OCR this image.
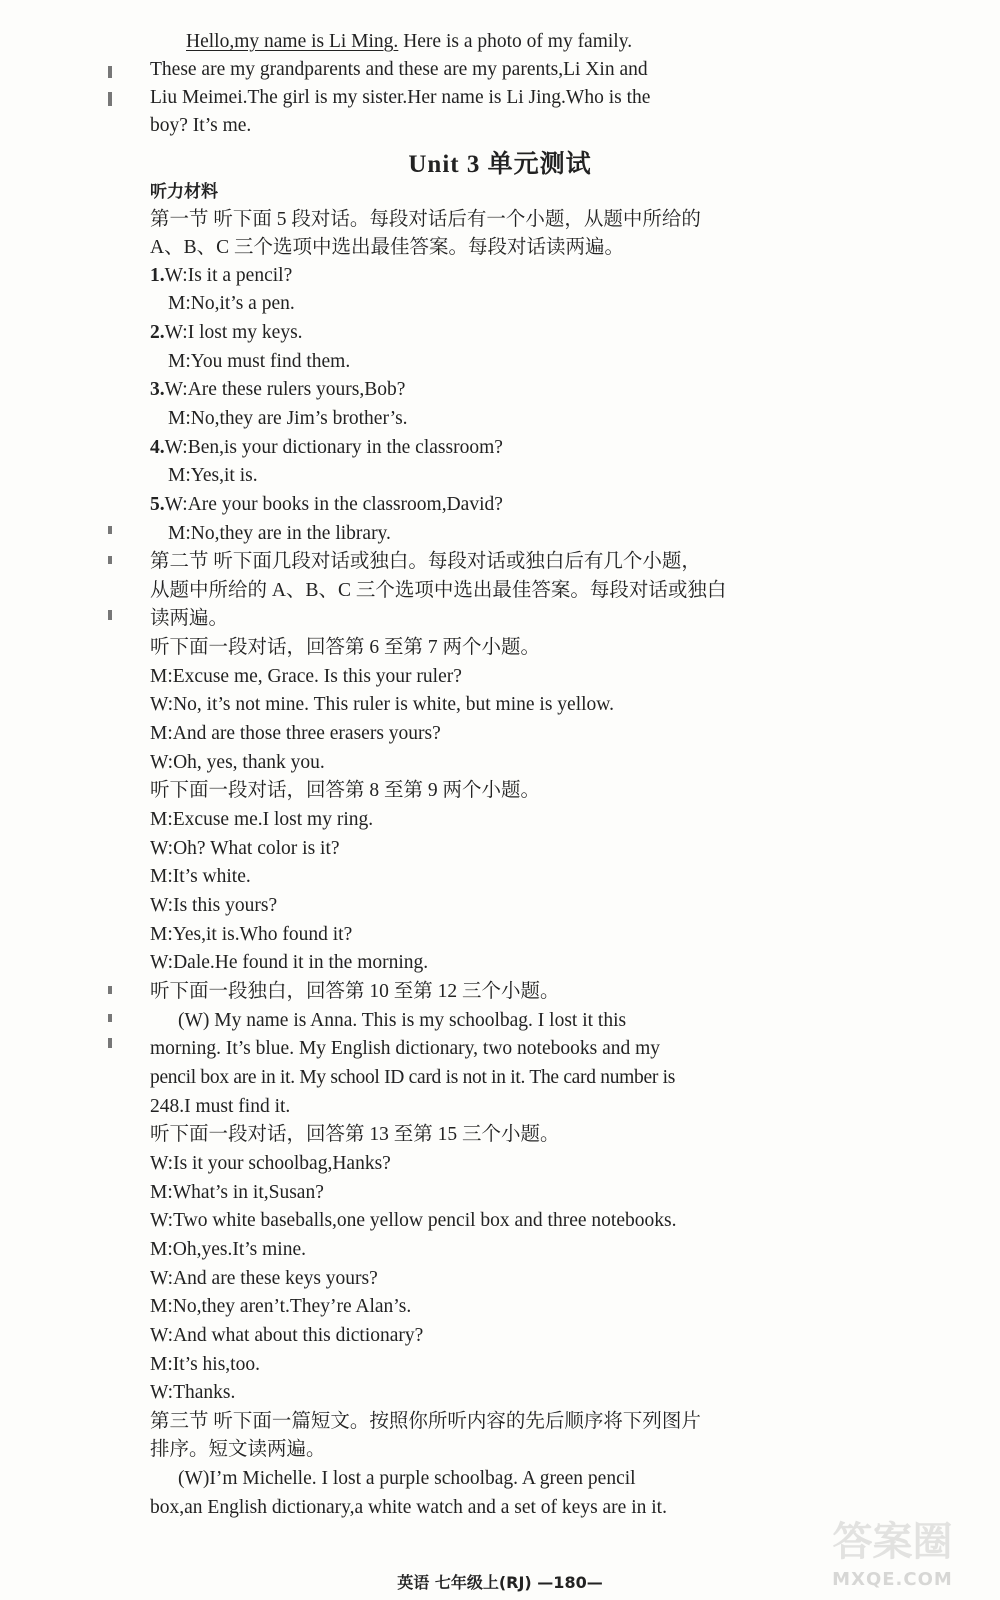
Hello,my name is Li Ming. Here is a photo of my family.
These are my grandparents and these are my parents,Li Xin and
Liu Meimei.The girl is my sister.Her name is Li Jing.Who is the
boy? It’s me.
Unit 3 单元测试
听力材料
第一节 听下面 5 段对话。每段对话后有一个小题，从题中所给的
A、B、C 三个选项中选出最佳答案。每段对话读两遍。
1.W:Is it a pencil?
M:No,it’s a pen.
2.W:I lost my keys.
M:You must find them.
3.W:Are these rulers yours,Bob?
M:No,they are Jim’s brother’s.
4.W:Ben,is your dictionary in the classroom?
M:Yes,it is.
5.W:Are your books in the classroom,David?
M:No,they are in the library.
第二节 听下面几段对话或独白。每段对话或独白后有几个小题，
从题中所给的 A、B、C 三个选项中选出最佳答案。每段对话或独白
读两遍。
听下面一段对话，回答第 6 至第 7 两个小题。
M:Excuse me, Grace. Is this your ruler?
W:No, it’s not mine. This ruler is white, but mine is yellow.
M:And are those three erasers yours?
W:Oh, yes, thank you.
听下面一段对话，回答第 8 至第 9 两个小题。
M:Excuse me.I lost my ring.
W:Oh? What color is it?
M:It’s white.
W:Is this yours?
M:Yes,it is.Who found it?
W:Dale.He found it in the morning.
听下面一段独白，回答第 10 至第 12 三个小题。
(W) My name is Anna. This is my schoolbag. I lost it this
morning. It’s blue. My English dictionary, two notebooks and my
pencil box are in it. My school ID card is not in it. The card number is
248.I must find it.
听下面一段对话，回答第 13 至第 15 三个小题。
W:Is it your schoolbag,Hanks?
M:What’s in it,Susan?
W:Two white baseballs,one yellow pencil box and three notebooks.
M:Oh,yes.It’s mine.
W:And are these keys yours?
M:No,they aren’t.They’re Alan’s.
W:And what about this dictionary?
M:It’s his,too.
W:Thanks.
第三节 听下面一篇短文。按照你所听内容的先后顺序将下列图片
排序。短文读两遍。
(W)I’m Michelle. I lost a purple schoolbag. A green pencil
box,an English dictionary,a white watch and a set of keys are in it.
英语 七年级上(RJ) —180—
答案圈
MXQE.COM
